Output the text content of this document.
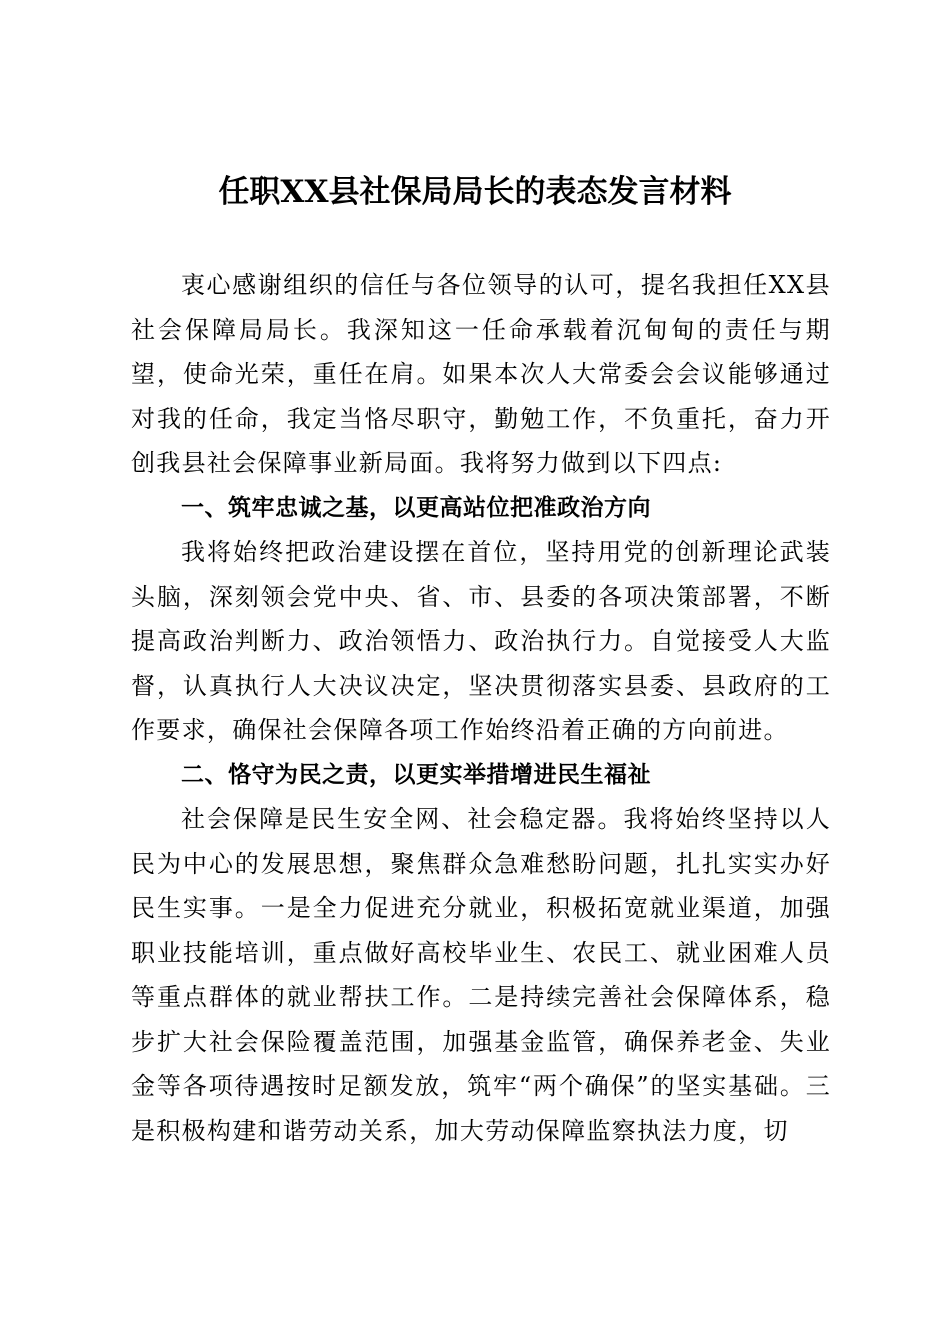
任职XX县社保局局长的表态发言材料

衷心感谢组织的信任与各位领导的认可，提名我担任XX县社会保障局局长。我深知这一任命承载着沉甸甸的责任与期望，使命光荣，重任在肩。如果本次人大常委会会议能够通过对我的任命，我定当恪尽职守，勤勉工作，不负重托，奋力开创我县社会保障事业新局面。我将努力做到以下四点:

一、筑牢忠诚之基，以更高站位把准政治方向

我将始终把政治建设摆在首位，坚持用党的创新理论武装头脑，深刻领会党中央、省、市、县委的各项决策部署，不断提高政治判断力、政治领悟力、政治执行力。自觉接受人大监督，认真执行人大决议决定，坚决贯彻落实县委、县政府的工作要求，确保社会保障各项工作始终沿着正确的方向前进。

二、恪守为民之责，以更实举措增进民生福祉

社会保障是民生安全网、社会稳定器。我将始终坚持以人民为中心的发展思想，聚焦群众急难愁盼问题，扎扎实实办好民生实事。一是全力促进充分就业，积极拓宽就业渠道，加强职业技能培训，重点做好高校毕业生、农民工、就业困难人员等重点群体的就业帮扶工作。二是持续完善社会保障体系，稳步扩大社会保险覆盖范围，加强基金监管，确保养老金、失业金等各项待遇按时足额发放，筑牢“两个确保”的坚实基础。三是积极构建和谐劳动关系，加大劳动保障监察执法力度，切
